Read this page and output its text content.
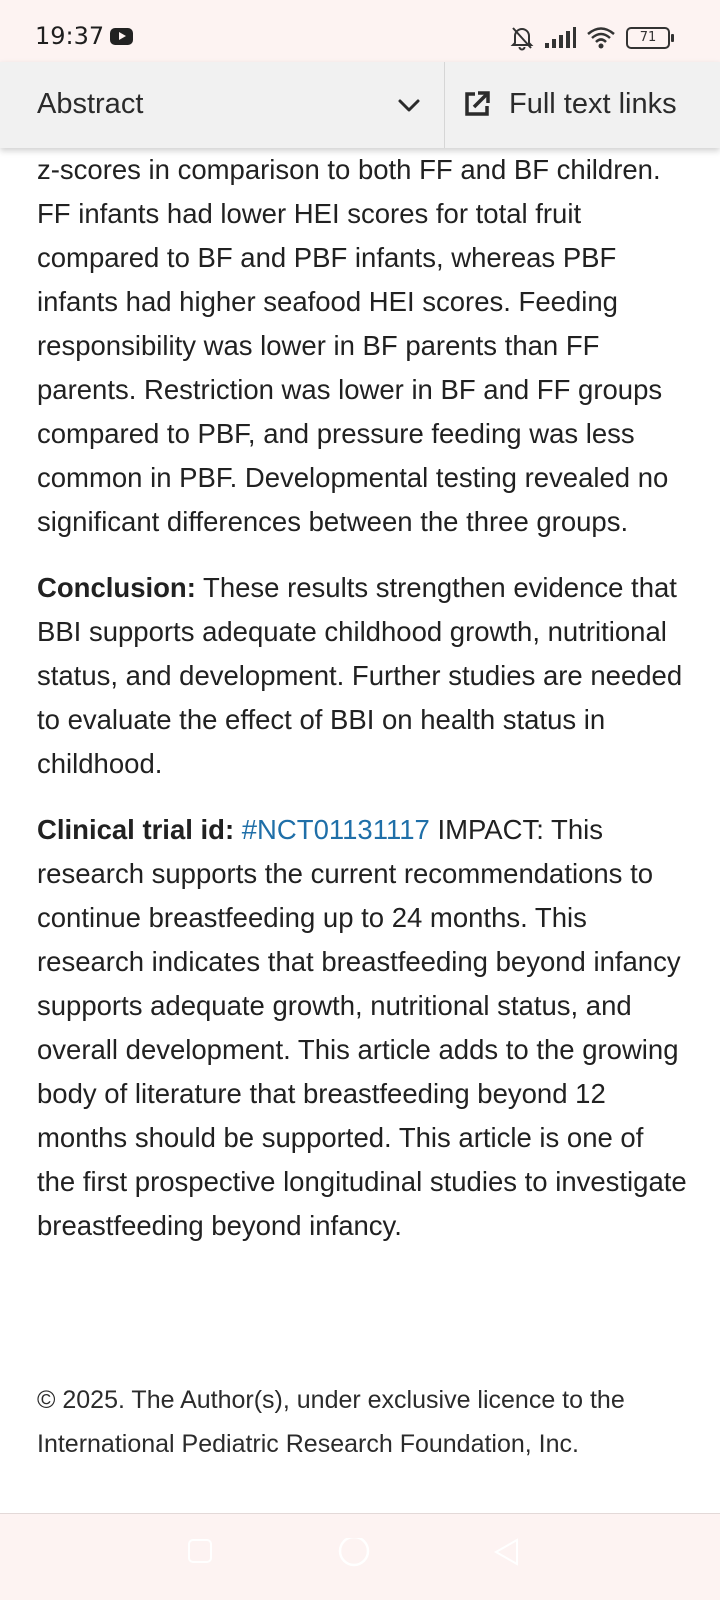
19:37	71
Abstract	Full text links

z-scores in comparison to both FF and BF children. FF infants had lower HEI scores for total fruit compared to BF and PBF infants, whereas PBF infants had higher seafood HEI scores. Feeding responsibility was lower in BF parents than FF parents. Restriction was lower in BF and FF groups compared to PBF, and pressure feeding was less common in PBF. Developmental testing revealed no significant differences between the three groups.

Conclusion: These results strengthen evidence that BBI supports adequate childhood growth, nutritional status, and development. Further studies are needed to evaluate the effect of BBI on health status in childhood.

Clinical trial id: #NCT01131117 IMPACT: This research supports the current recommendations to continue breastfeeding up to 24 months. This research indicates that breastfeeding beyond infancy supports adequate growth, nutritional status, and overall development. This article adds to the growing body of literature that breastfeeding beyond 12 months should be supported. This article is one of the first prospective longitudinal studies to investigate breastfeeding beyond infancy.

© 2025. The Author(s), under exclusive licence to the International Pediatric Research Foundation, Inc.
